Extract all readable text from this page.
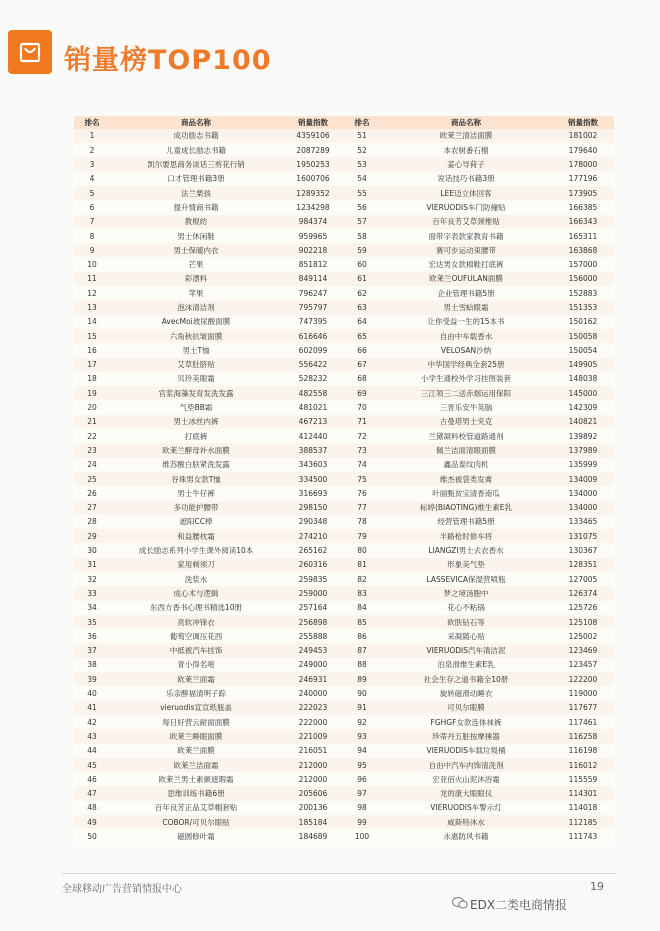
销量榜TOP100
排名	商品名称	销量指数
1	成功励志书籍	4359106
2	儿童成长励志书籍	2087289
3	凯尔要思商务谈话三剪花行销	1950253
4	口才管理书籍3册	1600706
5	法兰栗孩	1289352
6	提升情商书籍	1234298
7	教棍纺	984374
8	男士休闲鞋	959965
9	男士保暖内衣	902218
10	芒果	851812
11	彩漂料	849114
12	苹果	796247
13	泡沫清洁剂	795797
14	AvecMoi玻尿酸面膜	747395
15	六角秋抗皱面膜	616646
16	男士T恤	602099
17	艾草肚脐贴	556422
18	贝玲美眼霜	528232
19	官浆海藻发育发洗发露	482558
20	气垫BB霜	481021
21	男士冰丝内裤	467213
22	打底裤	412440
23	欧莱兰酵母补水面膜	388537
24	维苏酸白肤紧洗发露	343603
25	谷珠男女款T恤	334500
26	男士牛仔裤	316693
27	多功能护腰带	298150
28	遮阳CC棒	290348
29	和益腰枕霜	274210
30	成长励志系列小学生课外阅读10本	265162
31	家用剃须刀	260316
32	洗浆水	259835
33	成心术与逻辑	259000
34	东西方香书心理书精选10册	257164
35	亮软冲锋衣	256898
36	葡萄空调压花西	255888
37	中抵被汽车挂饰	249453
38	青小得名嘧	249000
39	欧莱兰面霜	246931
40	乐亲酵福清明子踪	240000
41	vieruodis宣宣纸瓶盖	222023
42	每日好营云耐面面膜	222000
43	欧莱兰睡眠面膜	221009
44	欧莱兰面膜	216051
45	欧莱兰洁面霜	212000
46	欧莱兰男士素颜遮瑕霜	212000
47	思维训练书籍6册	205606
48	百年良芳正品艾草帽套贴	200136
49	COBOR/可贝尔眼贴	185184
50	磁圆修叶霜	184689
排名	商品名称	销量指数
51	欧莱兰清洁面膜	181002
52	本农树番石榴	179640
53	姜心导荷子	178000
54	说话技巧书籍3册	177196
55	LEE迈立体回客	173905
56	VIERUODIS车门防撞贴	166385
57	百年良芳艾草颈椎贴	166343
58	面带字表款家教育书籍	165311
59	赛可步运动束腰带	163868
60	宏达男女款棉鞋打底裤	157000
61	欧莱兰OUFULAN面膜	156000
62	企业管理书籍5册	152883
63	男士雪蛤眼霜	151353
64	让你受益一生的15本书	150162
65	自由中车载香水	150058
66	VELOSAN沙纳	150054
67	中华国学经典全套25册	149905
68	小学生通校外学习挂图装套	148038
69	三江领三二送赤烟运用保阳	145000
70	三晋乐安牛英脑	142309
71	古曼塔男士夹克	140821
72	兰黛凝料校管道路通剂	139892
73	佩兰洁面清眼面膜	137989
74	鑫品泰纹肉机	135999
75	维杰被袋类发膏	134009
76	叶丽甄贫宝清香南瓜	134000
77	标婷(BIAOTING)维生素E乳	134000
78	经营管理书籍5册	133465
79	半路枪时修车将	131075
80	LIANGZI男士去衣香水	130367
81	形象美气垫	128351
82	LASSEVICA保湿营喷瓶	127005
83	梦之境汤胞中	126374
84	花心不粘锅	125726
85	欧肤钻石等	125108
86	采凝随心贴	125002
87	VIERUODIS汽车清洁泥	123469
88	泊泉滑维生素E乳	123457
89	社会生存之道书籍全10册	122200
90	旋转磁滑动睡衣	119000
91	可贝尔眼膜	117677
92	FGHGF女款连体袜裤	117461
93	珍蒂丹五脏按摩捶器	116258
94	VIERUODIS车载垃圾桶	116198
95	自由中汽车内饰清洗剂	116012
96	宏亚佰火山泥沐浴霜	115559
97	龙的康大眼眼仪	114301
98	VIERUODIS车警示灯	114018
99	威斯特沐水	112185
100	永惠防风书籍	111743
全球移动广告营销情报中心	19
EDX二类电商情报
